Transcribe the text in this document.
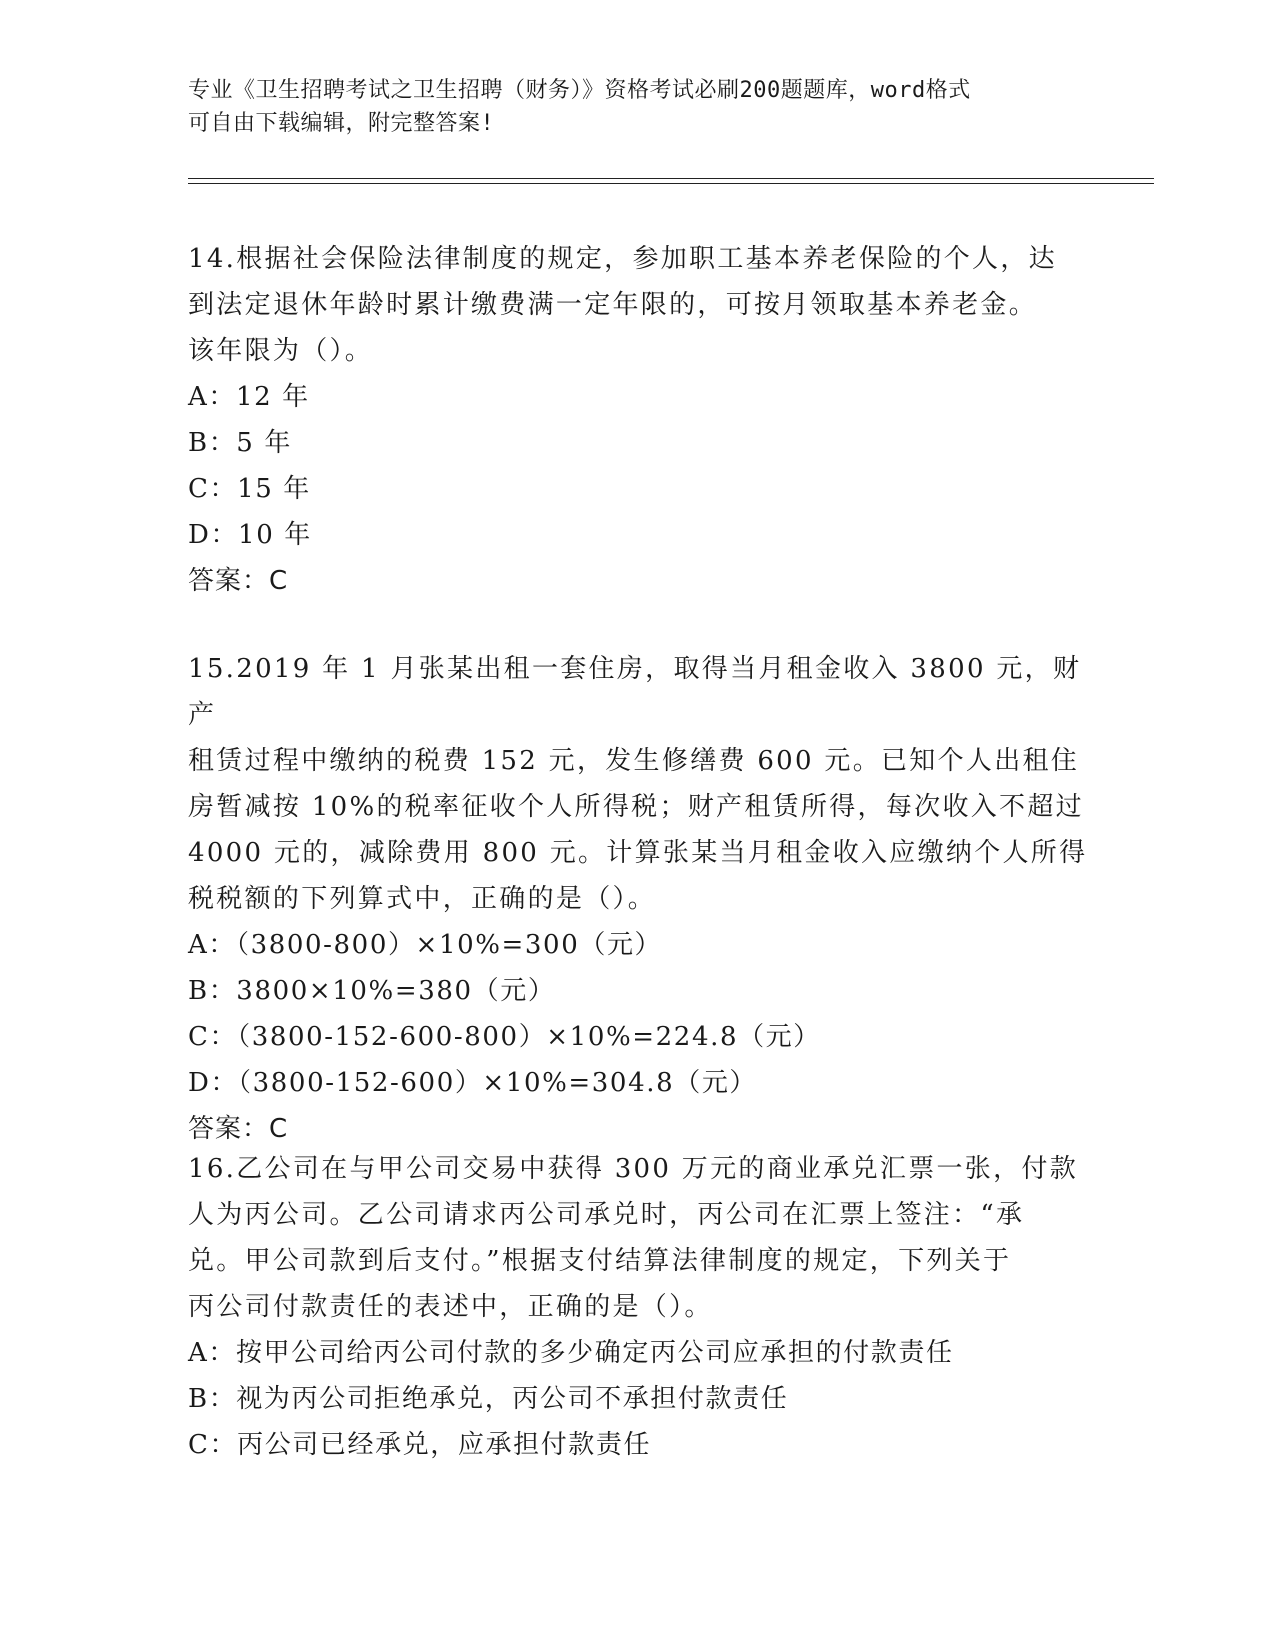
专业《卫生招聘考试之卫生招聘（财务）》资格考试必刷200题题库，word格式
可自由下载编辑，附完整答案!

14.根据社会保险法律制度的规定，参加职工基本养老保险的个人，达

到法定退休年龄时累计缴费满一定年限的，可按月领取基本养老金。

该年限为（）。

A：12 年

B：5 年

C：15 年

D：10 年

答案：C

15.2019 年 1 月张某出租一套住房，取得当月租金收入 3800 元，财产

租赁过程中缴纳的税费 152 元，发生修缮费 600 元。已知个人出租住

房暂减按 10%的税率征收个人所得税；财产租赁所得，每次收入不超过

4000 元的，减除费用 800 元。计算张某当月租金收入应缴纳个人所得

税税额的下列算式中，正确的是（）。

A：（3800-800）×10%=300（元）

B：3800×10%=380（元）

C：（3800-152-600-800）×10%=224.8（元）

D：（3800-152-600）×10%=304.8（元）

答案：C

16.乙公司在与甲公司交易中获得 300 万元的商业承兑汇票一张，付款

人为丙公司。乙公司请求丙公司承兑时，丙公司在汇票上签注：“承

兑。甲公司款到后支付。”根据支付结算法律制度的规定，下列关于

丙公司付款责任的表述中，正确的是（）。

A：按甲公司给丙公司付款的多少确定丙公司应承担的付款责任

B：视为丙公司拒绝承兑，丙公司不承担付款责任

C：丙公司已经承兑，应承担付款责任
